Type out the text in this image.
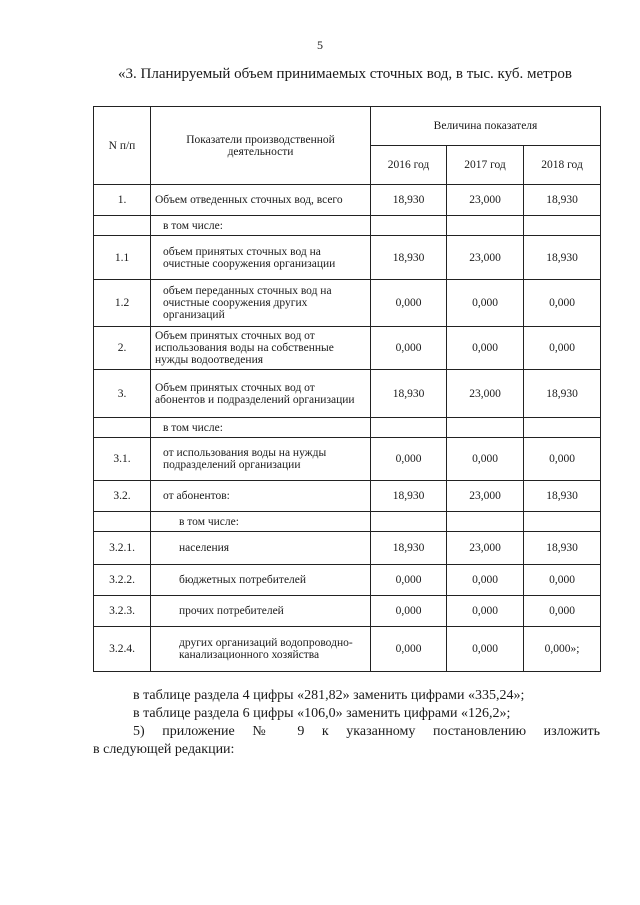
5
«3. Планируемый объем принимаемых сточных вод, в тыс. куб. метров
N п/п	Показатели производственной деятельности	Величина показателя		
		2016 год	2017 год	2018 год
1.	Объем отведенных сточных вод, всего	18,930	23,000	18,930
	в том числе:			
1.1	объем принятых сточных вод на очистные сооружения организации	18,930	23,000	18,930
1.2	объем переданных сточных вод на очистные сооружения других организаций	0,000	0,000	0,000
2.	Объем принятых сточных вод от использования воды на собственные нужды водоотведения	0,000	0,000	0,000
3.	Объем принятых сточных вод от абонентов и подразделений организации	18,930	23,000	18,930
	в том числе:			
3.1.	от использования воды на нужды подразделений организации	0,000	0,000	0,000
3.2.	от абонентов:	18,930	23,000	18,930
	в том числе:			
3.2.1.	населения	18,930	23,000	18,930
3.2.2.	бюджетных потребителей	0,000	0,000	0,000
3.2.3.	прочих потребителей	0,000	0,000	0,000
3.2.4.	других организаций водопроводно-канализационного хозяйства	0,000	0,000	0,000»;
в таблице раздела 4 цифры «281,82» заменить цифрами «335,24»;
в таблице раздела 6 цифры «106,0» заменить цифрами «126,2»;
5) приложение № 9 к указанному постановлению изложить
в следующей редакции:
